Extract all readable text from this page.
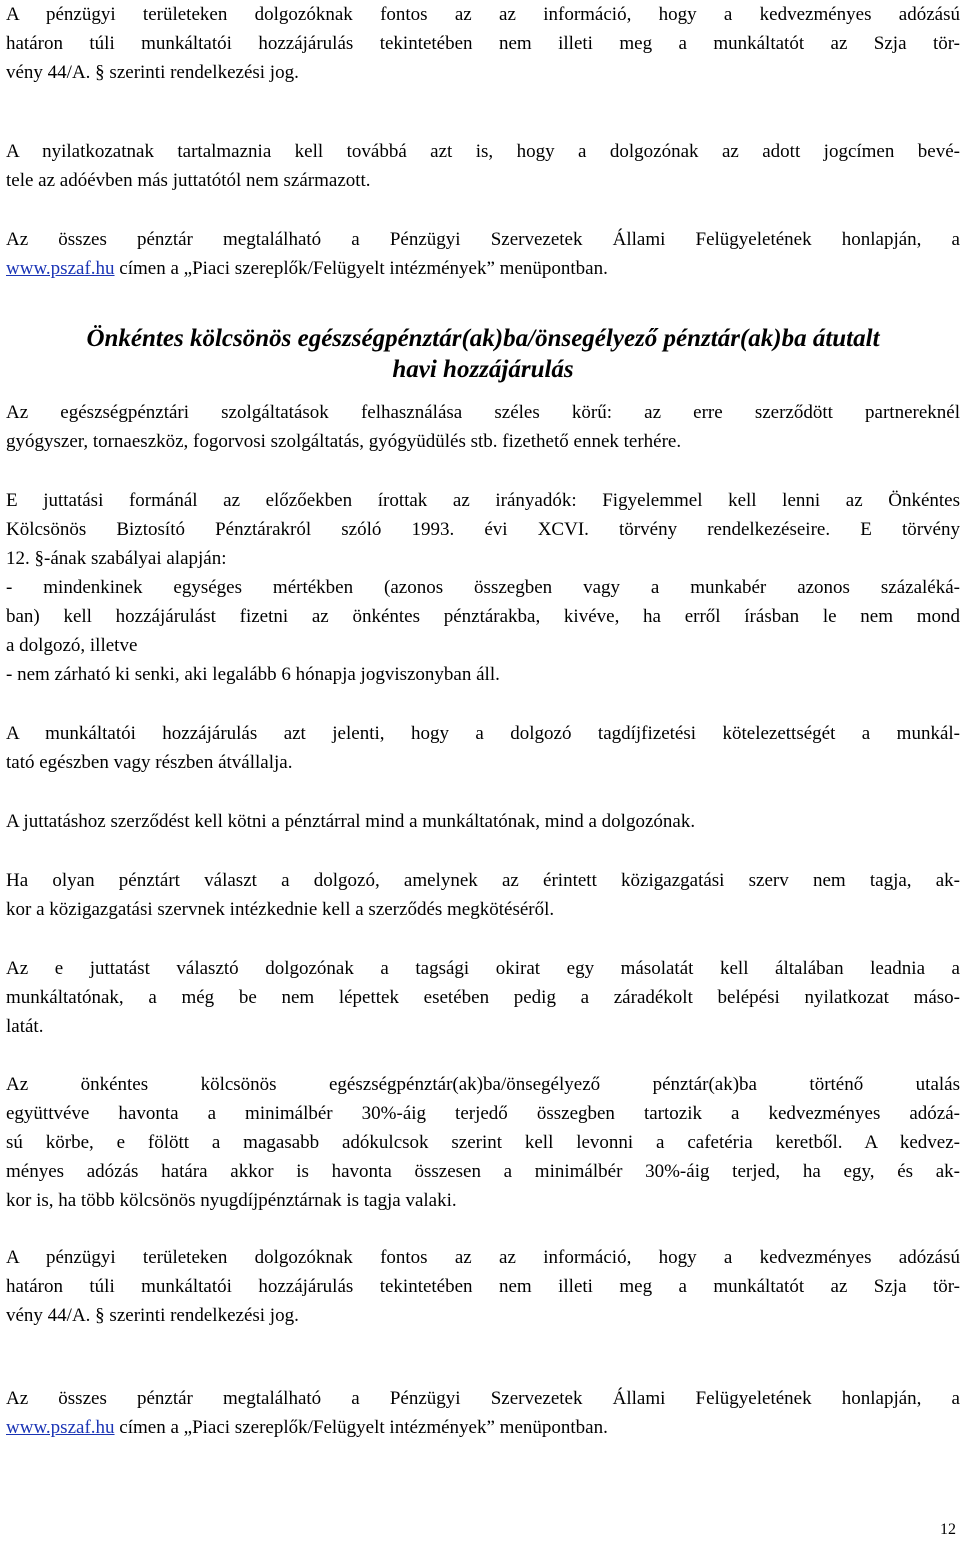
A pénzügyi területeken dolgozóknak fontos az az információ, hogy a kedvezményes adózású
határon túli munkáltatói hozzájárulás tekintetében nem illeti meg a munkáltatót az Szja tör-
vény 44/A. § szerinti rendelkezési jog.

A nyilatkozatnak tartalmaznia kell továbbá azt is, hogy a dolgozónak az adott jogcímen bevé-
tele az adóévben más juttatótól nem származott.

Az összes pénztár megtalálható a Pénzügyi Szervezetek Állami Felügyeletének honlapján, a
www.pszaf.hu címen a „Piaci szereplők/Felügyelt intézmények” menüpontban.

Önkéntes kölcsönös egészségpénztár(ak)ba/önsegélyező pénztár(ak)ba átutalt
havi hozzájárulás

Az egészségpénztári szolgáltatások felhasználása széles körű: az erre szerződött partnereknél
gyógyszer, tornaeszköz, fogorvosi szolgáltatás, gyógyüdülés stb. fizethető ennek terhére.

E juttatási formánál az előzőekben írottak az irányadók: Figyelemmel kell lenni az Önkéntes
Kölcsönös Biztosító Pénztárakról szóló 1993. évi XCVI. törvény rendelkezéseire. E törvény
12. §-ának szabályai alapján:
- mindenkinek egységes mértékben (azonos összegben vagy a munkabér azonos százaléká-
ban) kell hozzájárulást fizetni az önkéntes pénztárakba, kivéve, ha erről írásban le nem mond
a dolgozó, illetve
- nem zárható ki senki, aki legalább 6 hónapja jogviszonyban áll.

A munkáltatói hozzájárulás azt jelenti, hogy a dolgozó tagdíjfizetési kötelezettségét a munkál-
tató egészben vagy részben átvállalja.

A juttatáshoz szerződést kell kötni a pénztárral mind a munkáltatónak, mind a dolgozónak.

Ha olyan pénztárt választ a dolgozó, amelynek az érintett közigazgatási szerv nem tagja, ak-
kor a közigazgatási szervnek intézkednie kell a szerződés megkötéséről.

Az e juttatást választó dolgozónak a tagsági okirat egy másolatát kell általában leadnia a
munkáltatónak, a még be nem lépettek esetében pedig a záradékolt belépési nyilatkozat máso-
latát.

Az önkéntes kölcsönös egészségpénztár(ak)ba/önsegélyező pénztár(ak)ba történő utalás
együttvéve havonta a minimálbér 30%-áig terjedő összegben tartozik a kedvezményes adózá-
sú körbe, e fölött a magasabb adókulcsok szerint kell levonni a cafetéria keretből. A kedvez-
ményes adózás határa akkor is havonta összesen a minimálbér 30%-áig terjed, ha egy, és ak-
kor is, ha több kölcsönös nyugdíjpénztárnak is tagja valaki.

A pénzügyi területeken dolgozóknak fontos az az információ, hogy a kedvezményes adózású
határon túli munkáltatói hozzájárulás tekintetében nem illeti meg a munkáltatót az Szja tör-
vény 44/A. § szerinti rendelkezési jog.

Az összes pénztár megtalálható a Pénzügyi Szervezetek Állami Felügyeletének honlapján, a
www.pszaf.hu címen a „Piaci szereplők/Felügyelt intézmények” menüpontban.

12
